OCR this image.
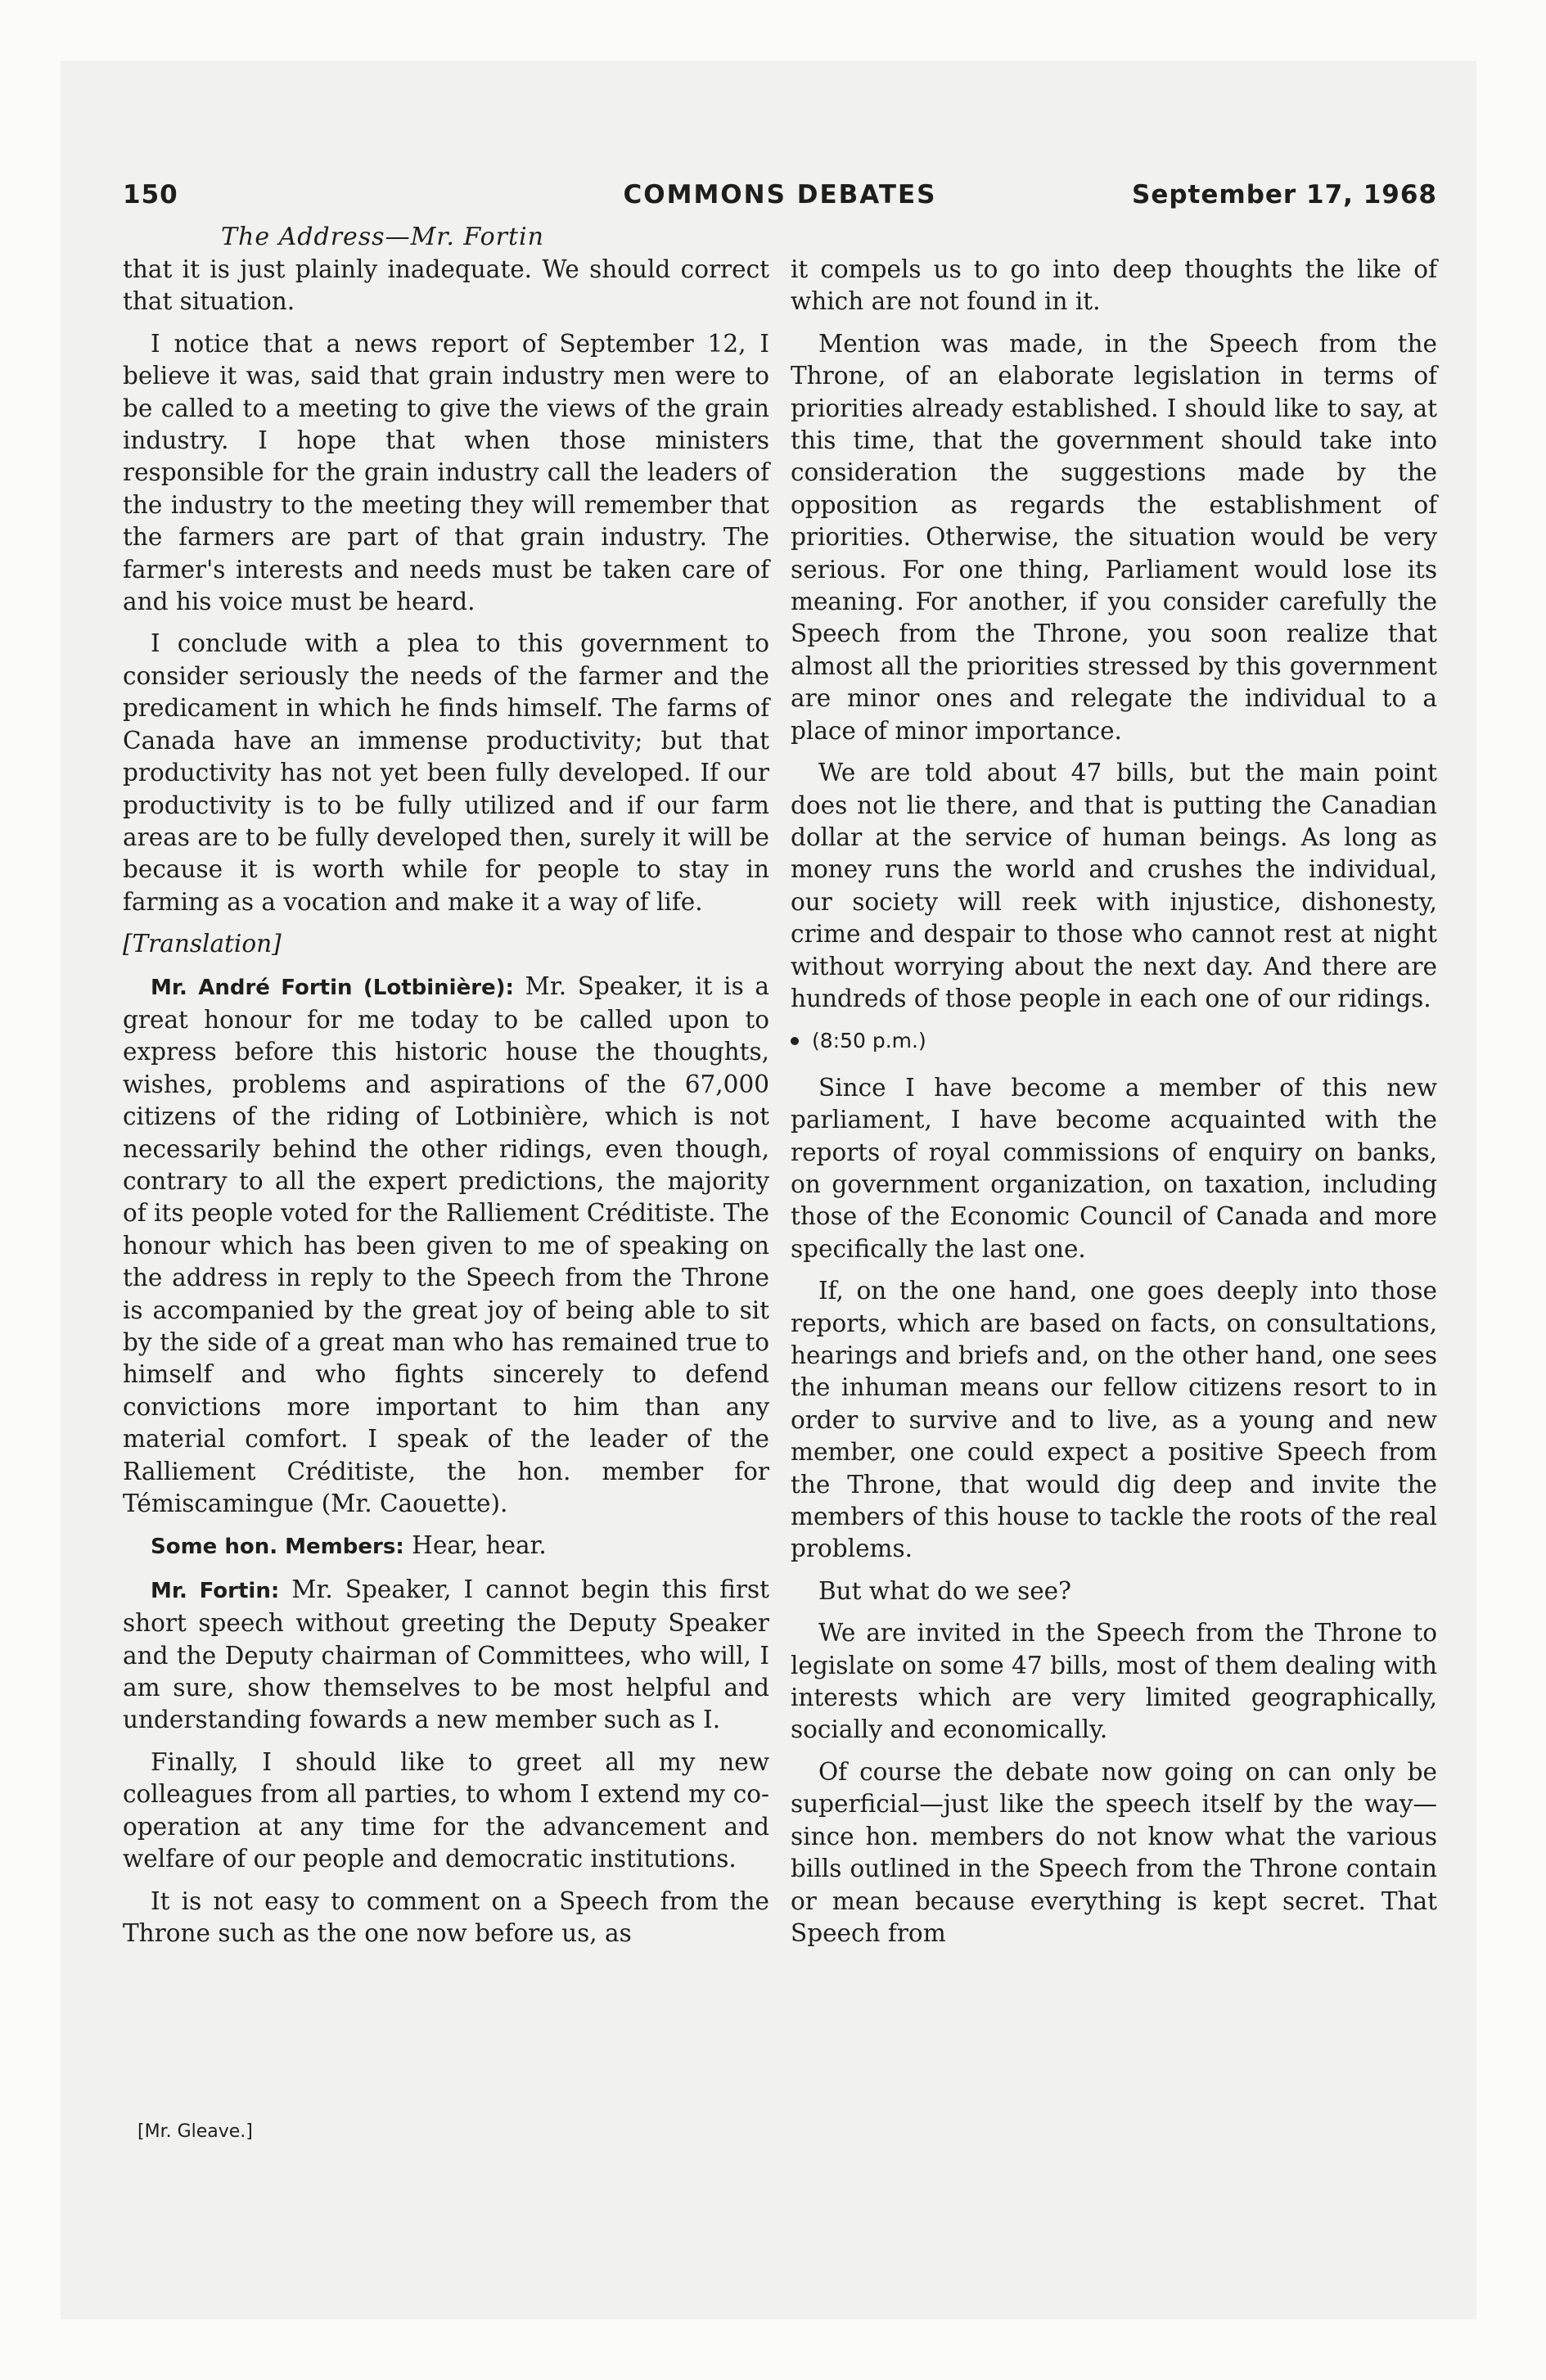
150	COMMONS DEBATES	September 17, 1968
The Address—Mr. Fortin

that it is just plainly inadequate. We should correct that situation.

I notice that a news report of September 12, I believe it was, said that grain industry men were to be called to a meeting to give the views of the grain industry. I hope that when those ministers responsible for the grain industry call the leaders of the industry to the meeting they will remember that the farmers are part of that grain industry. The farmer's interests and needs must be taken care of and his voice must be heard.

I conclude with a plea to this government to consider seriously the needs of the farmer and the predicament in which he finds himself. The farms of Canada have an immense productivity; but that productivity has not yet been fully developed. If our productivity is to be fully utilized and if our farm areas are to be fully developed then, surely it will be because it is worth while for people to stay in farming as a vocation and make it a way of life.

[Translation]

Mr. André Fortin (Lotbinière): Mr. Speaker, it is a great honour for me today to be called upon to express before this historic house the thoughts, wishes, problems and aspirations of the 67,000 citizens of the riding of Lotbinière, which is not necessarily behind the other ridings, even though, contrary to all the expert predictions, the majority of its people voted for the Ralliement Créditiste. The honour which has been given to me of speaking on the address in reply to the Speech from the Throne is accompanied by the great joy of being able to sit by the side of a great man who has remained true to himself and who fights sincerely to defend convictions more important to him than any material comfort. I speak of the leader of the Ralliement Créditiste, the hon. member for Témiscamingue (Mr. Caouette).

Some hon. Members: Hear, hear.

Mr. Fortin: Mr. Speaker, I cannot begin this first short speech without greeting the Deputy Speaker and the Deputy chairman of Committees, who will, I am sure, show themselves to be most helpful and understanding fowards a new member such as I.

Finally, I should like to greet all my new colleagues from all parties, to whom I extend my co-operation at any time for the advancement and welfare of our people and democratic institutions.

It is not easy to comment on a Speech from the Throne such as the one now before us, as

it compels us to go into deep thoughts the like of which are not found in it.

Mention was made, in the Speech from the Throne, of an elaborate legislation in terms of priorities already established. I should like to say, at this time, that the government should take into consideration the suggestions made by the opposition as regards the establishment of priorities. Otherwise, the situation would be very serious. For one thing, Parliament would lose its meaning. For another, if you consider carefully the Speech from the Throne, you soon realize that almost all the priorities stressed by this government are minor ones and relegate the individual to a place of minor importance.

We are told about 47 bills, but the main point does not lie there, and that is putting the Canadian dollar at the service of human beings. As long as money runs the world and crushes the individual, our society will reek with injustice, dishonesty, crime and despair to those who cannot rest at night without worrying about the next day. And there are hundreds of those people in each one of our ridings.

(8:50 p.m.)

Since I have become a member of this new parliament, I have become acquainted with the reports of royal commissions of enquiry on banks, on government organization, on taxation, including those of the Economic Council of Canada and more specifically the last one.

If, on the one hand, one goes deeply into those reports, which are based on facts, on consultations, hearings and briefs and, on the other hand, one sees the inhuman means our fellow citizens resort to in order to survive and to live, as a young and new member, one could expect a positive Speech from the Throne, that would dig deep and invite the members of this house to tackle the roots of the real problems.

But what do we see?

We are invited in the Speech from the Throne to legislate on some 47 bills, most of them dealing with interests which are very limited geographically, socially and economically.

Of course the debate now going on can only be superficial—just like the speech itself by the way—since hon. members do not know what the various bills outlined in the Speech from the Throne contain or mean because everything is kept secret. That Speech from

[Mr. Gleave.]
